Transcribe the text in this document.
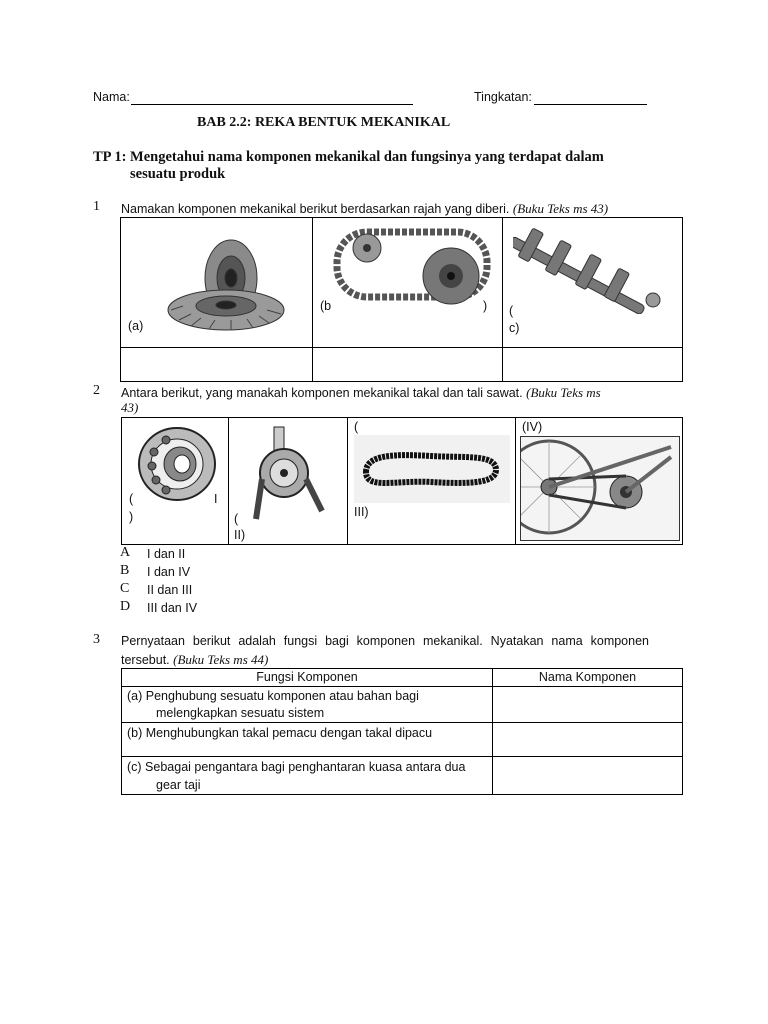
Nama:	Tingkatan:
BAB 2.2: REKA BENTUK MEKANIKAL
TP 1: Mengetahui nama komponen mekanikal dan fungsinya yang terdapat dalam
sesuatu produk
1 Namakan komponen mekanikal berikut berdasarkan rajah yang diberi. (Buku Teks ms 43)
(a)
(b	) (
c)
2 Antara berikut, yang manakah komponen mekanikal takal dan tali sawat. (Buku Teks ms
43)
(	I
)	(
II)
(
III)
(IV)
A I dan II
B I dan IV
C II dan III
D III dan IV
3 Pernyataan berikut adalah fungsi bagi komponen mekanikal. Nyatakan nama komponen
tersebut. (Buku Teks ms 44)
Fungsi Komponen	Nama Komponen
(a) Penghubung sesuatu komponen atau bahan bagi
melengkapkan sesuatu sistem
(b) Menghubungkan takal pemacu dengan takal dipacu
(c) Sebagai pengantara bagi penghantaran kuasa antara dua
gear taji
